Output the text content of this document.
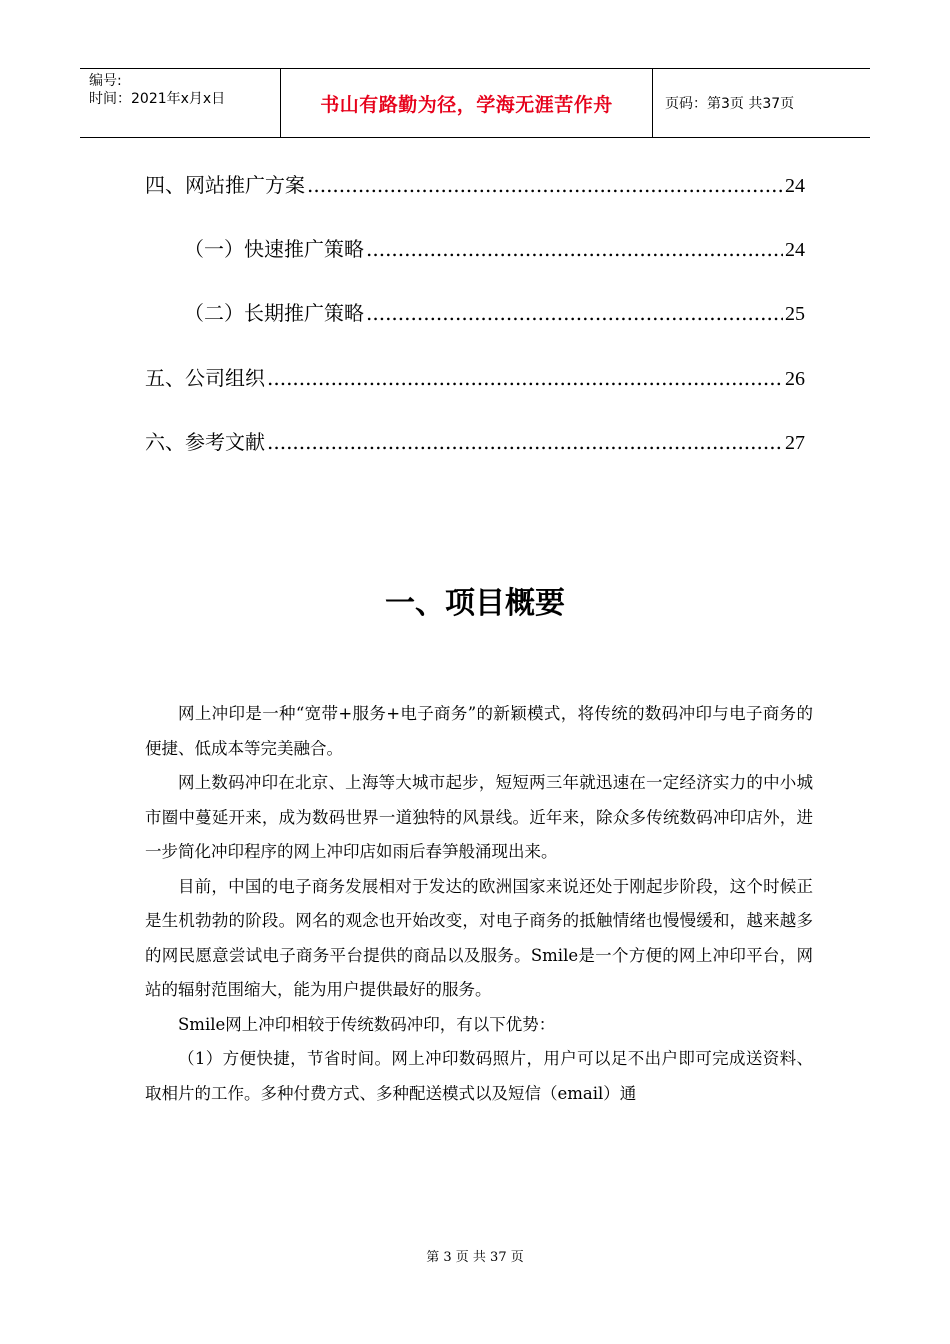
编号:
时间：2021年x月x日	书山有路勤为径，学海无涯苦作舟	页码：第3页 共37页
四、网站推广方案 .....	24
（一）快速推广策略 .....	24
（二）长期推广策略 .....	25
五、公司组织 .....	26
六、参考文献 .....	27
一、项目概要

网上冲印是一种“宽带+服务+电子商务”的新颖模式，将传统的数码冲印与电子商务的便捷、低成本等完美融合。

网上数码冲印在北京、上海等大城市起步，短短两三年就迅速在一定经济实力的中小城市圈中蔓延开来，成为数码世界一道独特的风景线。近年来，除众多传统数码冲印店外，进一步简化冲印程序的网上冲印店如雨后春笋般涌现出来。

目前，中国的电子商务发展相对于发达的欧洲国家来说还处于刚起步阶段，这个时候正是生机勃勃的阶段。网名的观念也开始改变，对电子商务的抵触情绪也慢慢缓和，越来越多的网民愿意尝试电子商务平台提供的商品以及服务。Smile是一个方便的网上冲印平台，网站的辐射范围缩大，能为用户提供最好的服务。

Smile网上冲印相较于传统数码冲印，有以下优势：

（1）方便快捷，节省时间。网上冲印数码照片，用户可以足不出户即可完成送资料、取相片的工作。多种付费方式、多种配送模式以及短信（email）通

第 3 页 共 37 页
